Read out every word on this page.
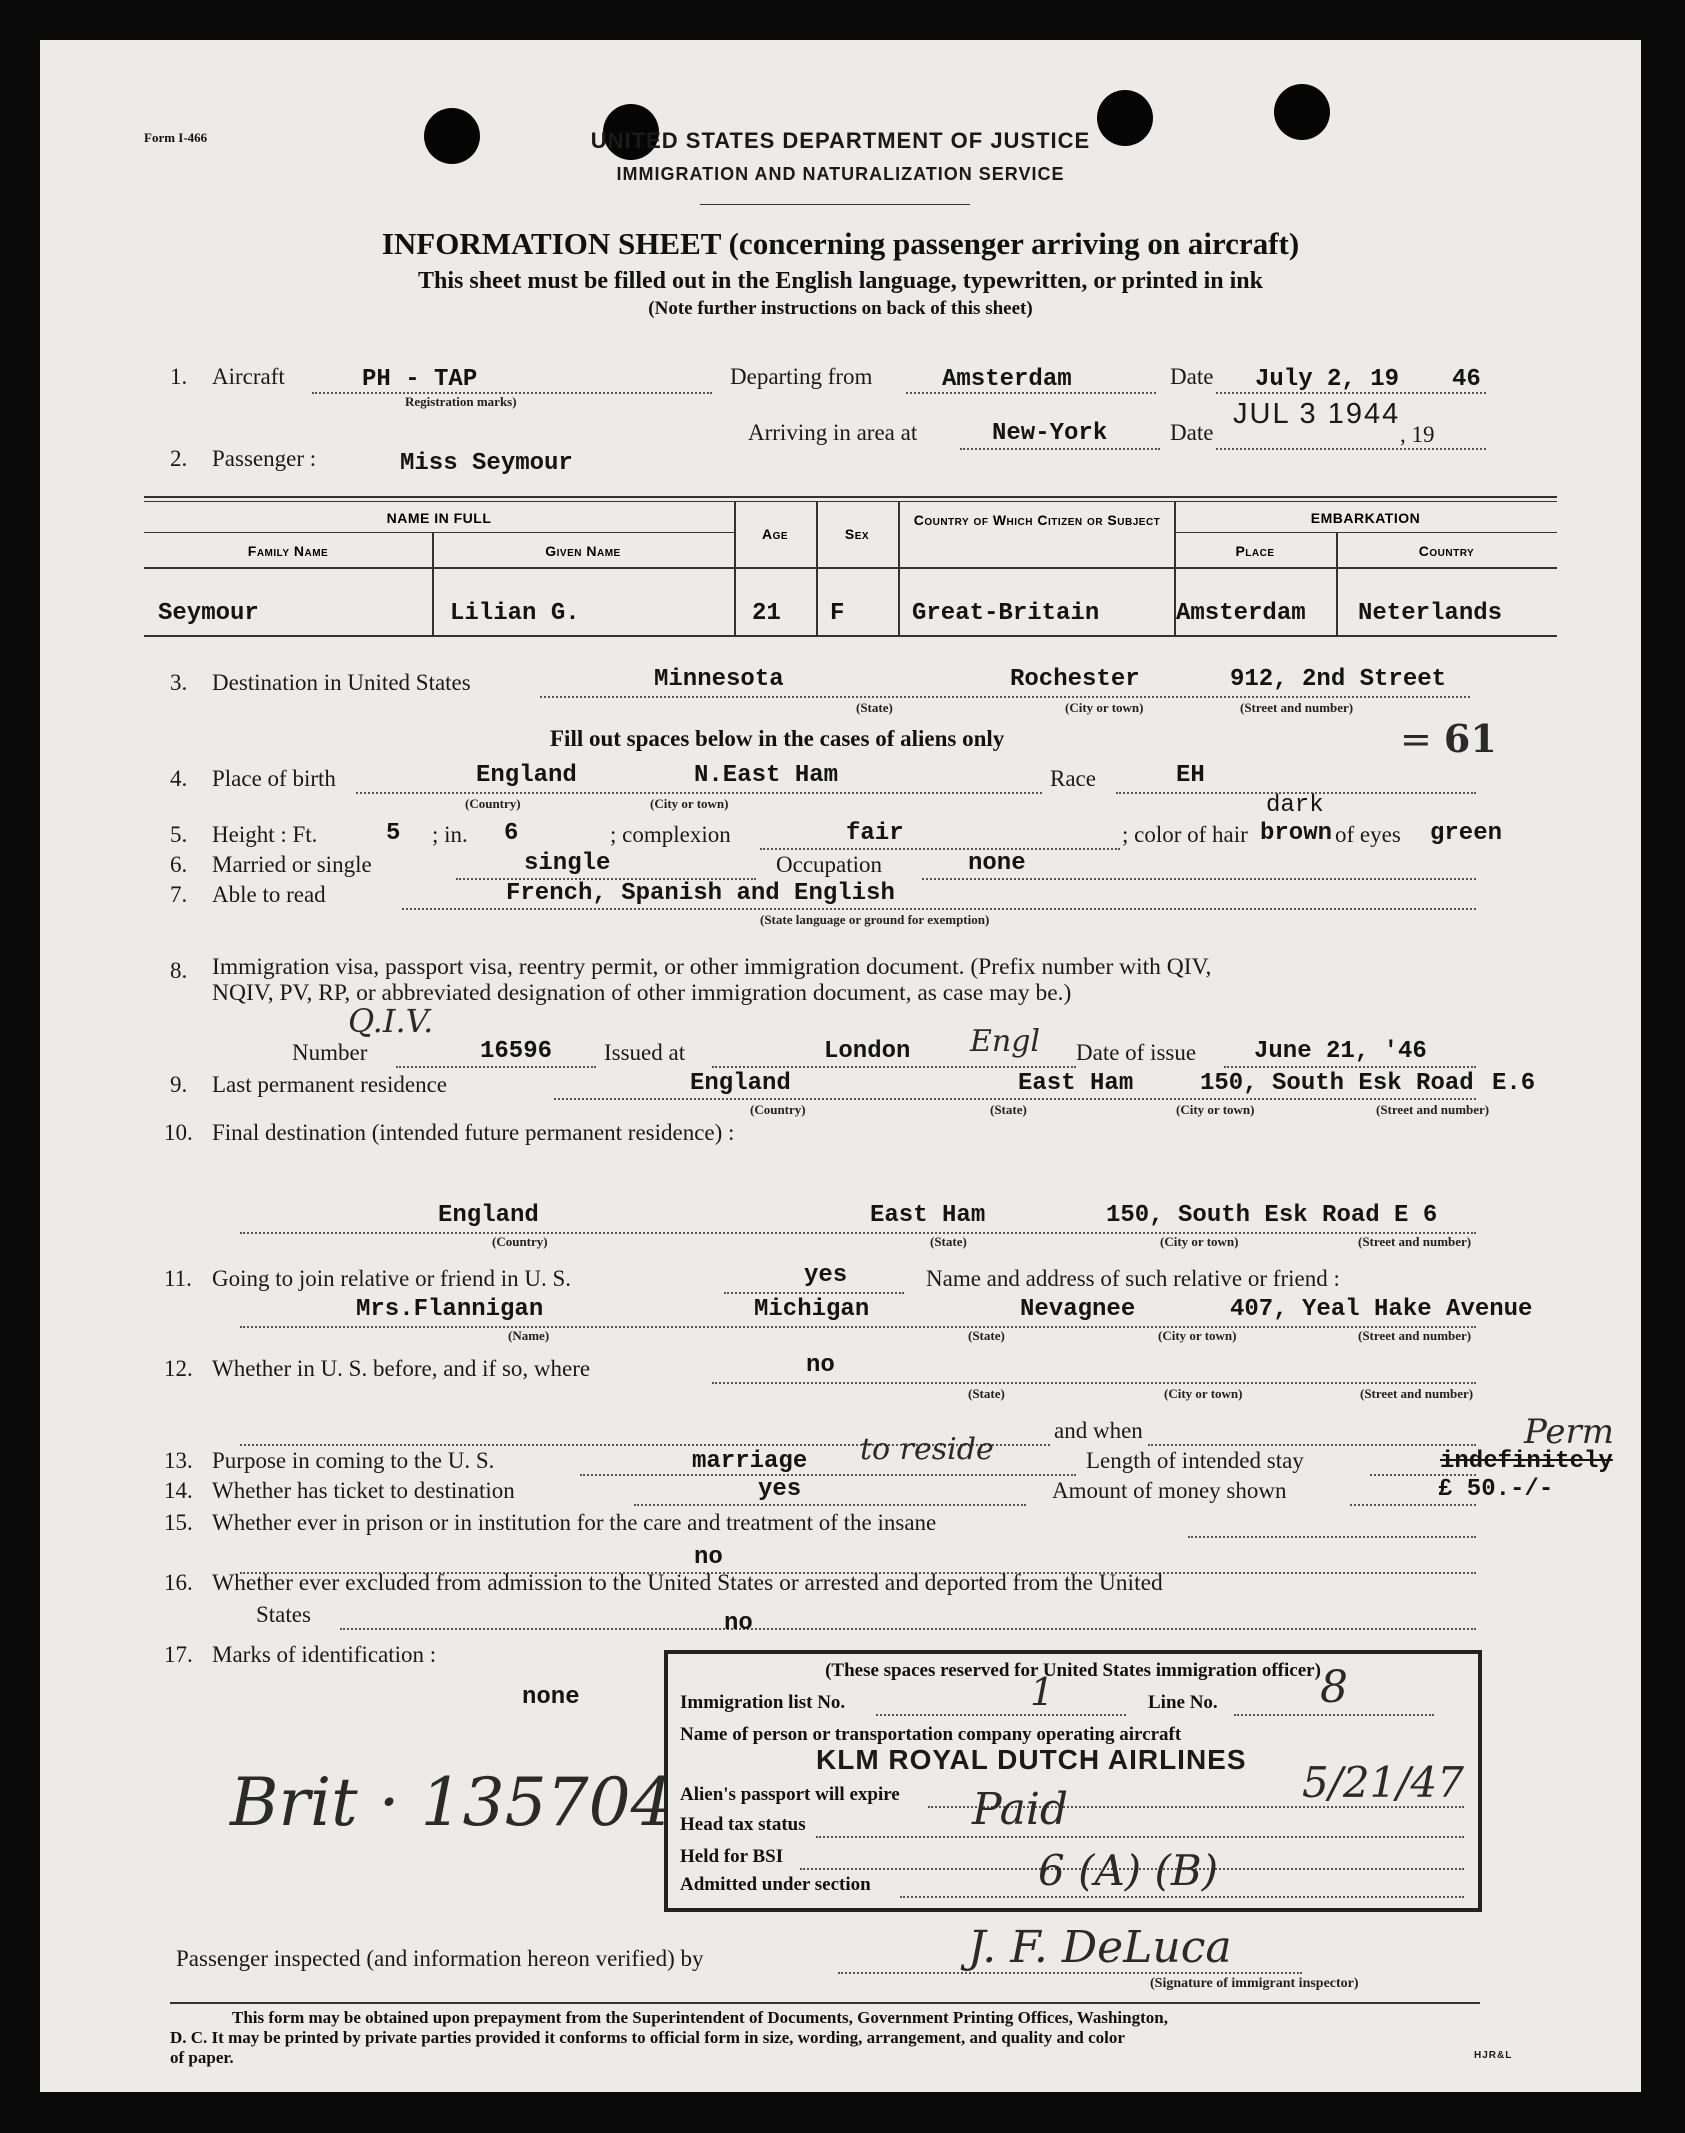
Form I-466	UNITED STATES DEPARTMENT OF JUSTICE
IMMIGRATION AND NATURALIZATION SERVICE
INFORMATION SHEET (concerning passenger arriving on aircraft)
This sheet must be filled out in the English language, typewritten, or printed in ink
(Note further instructions on back of this sheet)
1. Aircraft	PH - TAP
Registration marks)
Departing from	Amsterdam	Date July 2, 19 46
JUL 3 1944
Arriving in area at	New-York	Date	, 19
2. Passenger :	Miss Seymour
NAME IN FULL
Family Name	Given Name
Age	Sex
Country of Which Citizen or Subject	EMBARKATION
Place	Country
Seymour	Lilian G.	21 F	Great-Britain	Amsterdam Neterlands
3. Destination in United States	Minnesota	Rochester	912, 2nd Street
(State)	(City or town)	(Street and number)
Fill out spaces below in the cases of aliens only	= 61
4. Place of birth	England	N.East Ham
(Country)	(City or town)
Race	EH
dark
5. Height : Ft.	5 ; in. 6	; complexion	fair	; color of hair brown of eyes green
6. Married or single	single	Occupation	none
7. Able to read	French, Spanish and English
(State language or ground for exemption)
8. Immigration visa, passport visa, reentry permit, or other immigration document. (Prefix number with QIV,
NQIV, PV, RP, or abbreviated designation of other immigration document, as case may be.)
Q.I.V.
Number	16596 Issued at	London Engl Date of issue June 21, '46
9. Last permanent residence	England	East Ham	150, South Esk Road E.6
(Country)	(State)	(City or town)	(Street and number)
10. Final destination (intended future permanent residence) :
England	East Ham	150, South Esk Road E 6
(Country)	(State)	(City or town)	(Street and number)
11. Going to join relative or friend in U. S.	yes	Name and address of such relative or friend :
Mrs.Flannigan	Michigan	Nevagnee	407, Yeal Hake Avenue
(Name)	(State)	(City or town)	(Street and number)
12. Whether in U. S. before, and if so, where	no
(State)	(City or town)	(Street and number)
and when
13. Purpose in coming to the U. S.	marriage to reside	Length of intended stay	indefinitely
Perm
14. Whether has ticket to destination	yes	Amount of money shown	£ 50.-/-
15. Whether ever in prison or in institution for the care and treatment of the insane
no
16. Whether ever excluded from admission to the United States or arrested and deported from the United
States	no
17. Marks of identification :
none
Brit · 135704
(These spaces reserved for United States immigration officer)
Immigration list No.	1	Line No. 8
Name of person or transportation company operating aircraft
KLM ROYAL DUTCH AIRLINES
Alien's passport will expire	5/21/47
Head tax status	Paid
Held for BSI
Admitted under section	6 (A) (B)
Passenger inspected (and information hereon verified) by	J. F. DeLuca
(Signature of immigrant inspector)
This form may be obtained upon prepayment from the Superintendent of Documents, Government Printing Offices, Washington,
D. C. It may be printed by private parties provided it conforms to official form in size, wording, arrangement, and quality and color
of paper.	HJR&L
